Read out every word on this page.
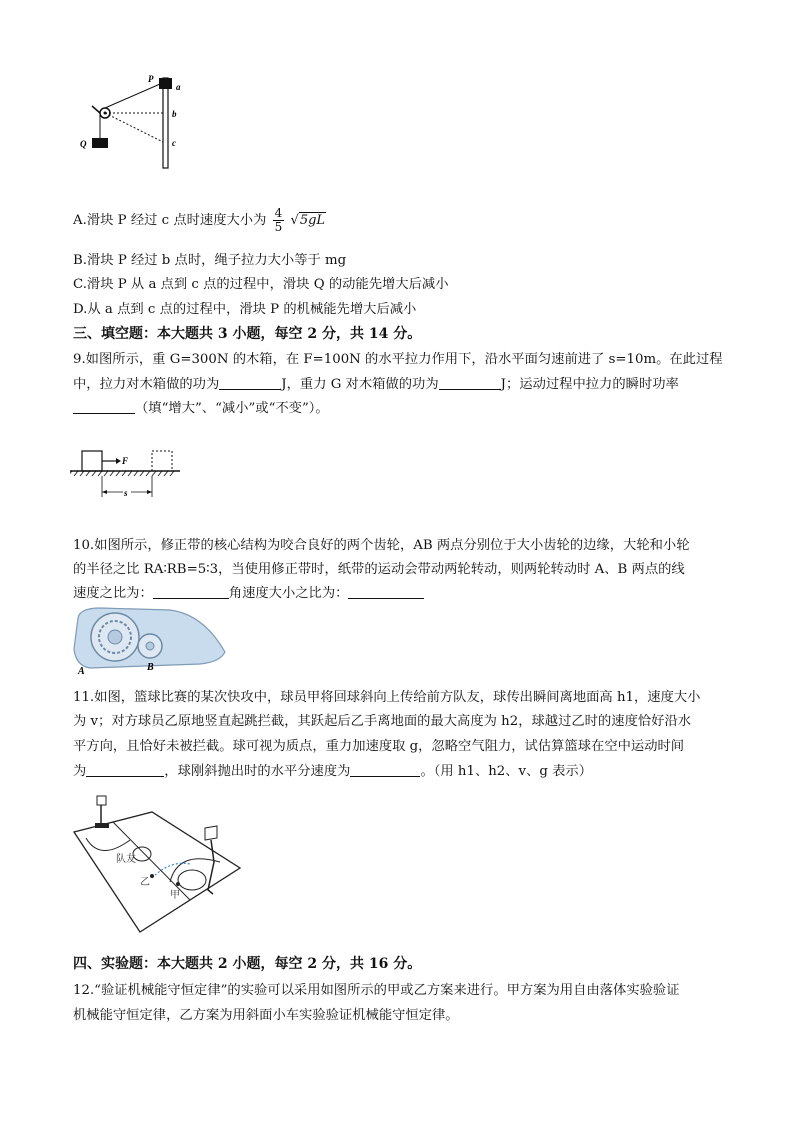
P
a
b
c
Q
A.滑块 P 经过 c 点时速度大小为 $\frac{4}{5} √5gL$
B.滑块 P 经过 b 点时，绳子拉力大小等于 mg
C.滑块 P 从 a 点到 c 点的过程中，滑块 Q 的动能先增大后减小
D.从 a 点到 c 点的过程中，滑块 P 的机械能先增大后减小
三、填空题：本大题共 3 小题，每空 2 分，共 14 分。
9.如图所示，重 G=300N 的木箱，在 F=100N 的水平拉力作用下，沿水平面匀速前进了 s=10m。在此过程
中，拉力对木箱做的功为	J，重力 G 对木箱做的功为	J；运动过程中拉力的瞬时功率
（填“增大”、“减小”或“不变”）。
F
s
10.如图所示，修正带的核心结构为咬合良好的两个齿轮，AB 两点分别位于大小齿轮的边缘，大轮和小轮
的半径之比 RA∶RB=5∶3，当使用修正带时，纸带的运动会带动两轮转动，则两轮转动时 A、B 两点的线
速度之比为：	角速度大小之比为：
A	B
11.如图，篮球比赛的某次快攻中，球员甲将回球斜向上传给前方队友，球传出瞬间离地面高 h1，速度大小
为 v；对方球员乙原地竖直起跳拦截，其跃起后乙手离地面的最大高度为 h2，球越过乙时的速度恰好沿水
平方向，且恰好未被拦截。球可视为质点，重力加速度取 g，忽略空气阻力，试估算篮球在空中运动时间
为	，球刚斜抛出时的水平分速度为	。（用 h1、h2、v、g 表示）
队友
乙
甲
四、实验题：本大题共 2 小题，每空 2 分，共 16 分。
12.“验证机械能守恒定律”的实验可以采用如图所示的甲或乙方案来进行。甲方案为用自由落体实验验证
机械能守恒定律，乙方案为用斜面小车实验验证机械能守恒定律。
